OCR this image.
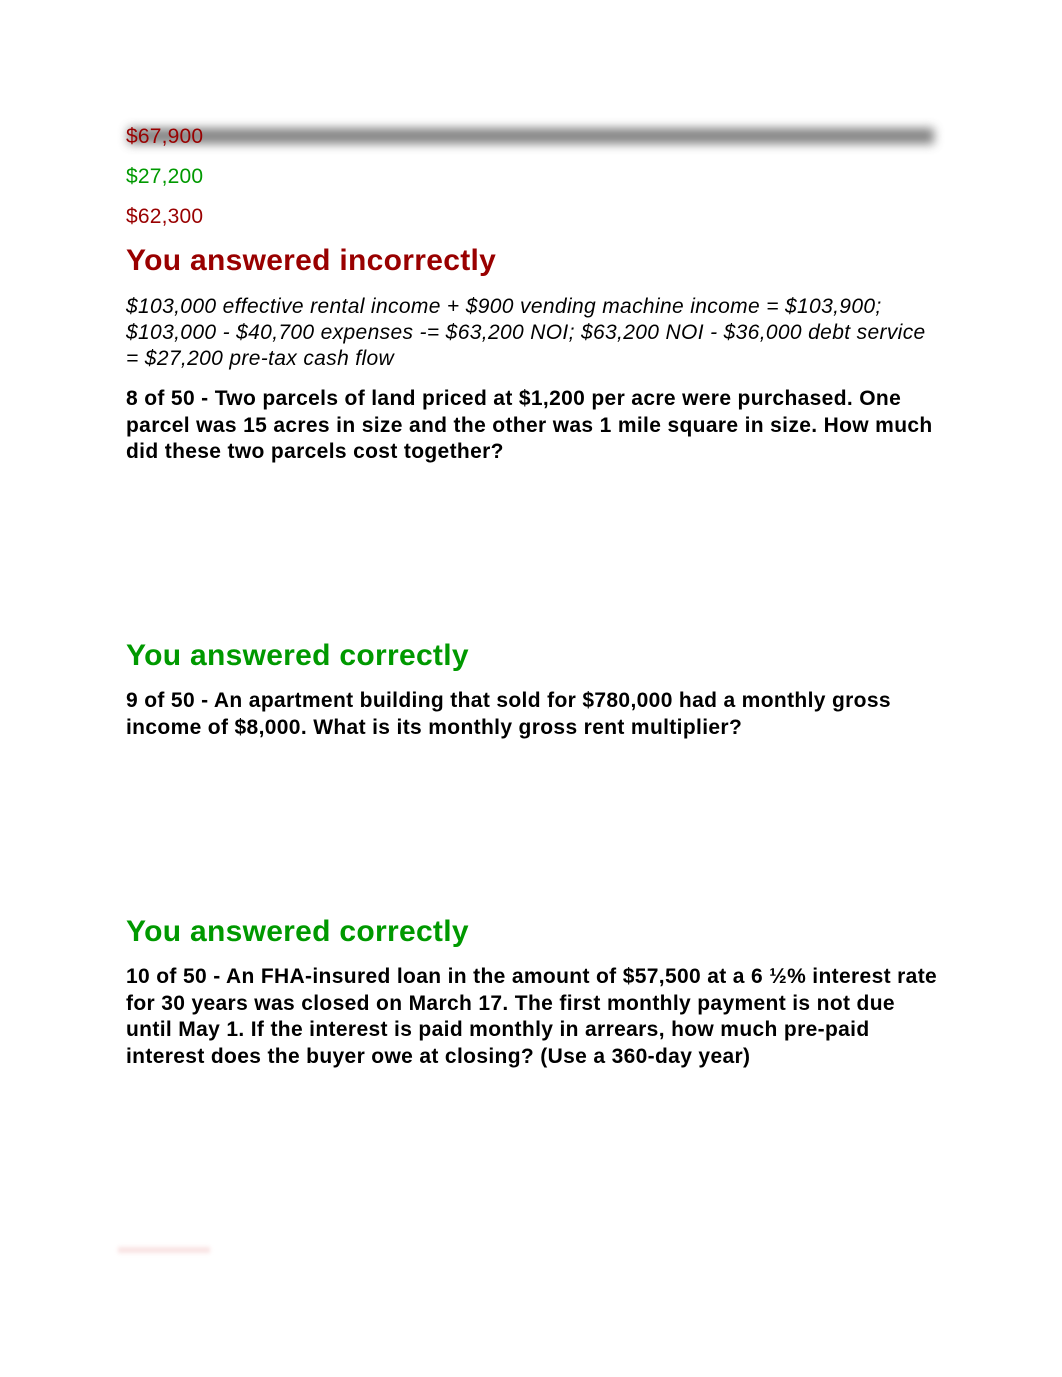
$67,900
$27,200
$62,300
You answered incorrectly
$103,000 effective rental income + $900 vending machine income = $103,900; $103,000 - $40,700 expenses -= $63,200 NOI; $63,200 NOI - $36,000 debt service = $27,200 pre-tax cash flow
8 of 50 - Two parcels of land priced at $1,200 per acre were purchased. One parcel was 15 acres in size and the other was 1 mile square in size. How much did these two parcels cost together?
You answered correctly
9 of 50 - An apartment building that sold for $780,000 had a monthly gross income of $8,000. What is its monthly gross rent multiplier?
You answered correctly
10 of 50 - An FHA-insured loan in the amount of $57,500 at a 6 ½% interest rate for 30 years was closed on March 17. The first monthly payment is not due until May 1. If the interest is paid monthly in arrears, how much pre-paid interest does the buyer owe at closing? (Use a 360-day year)
